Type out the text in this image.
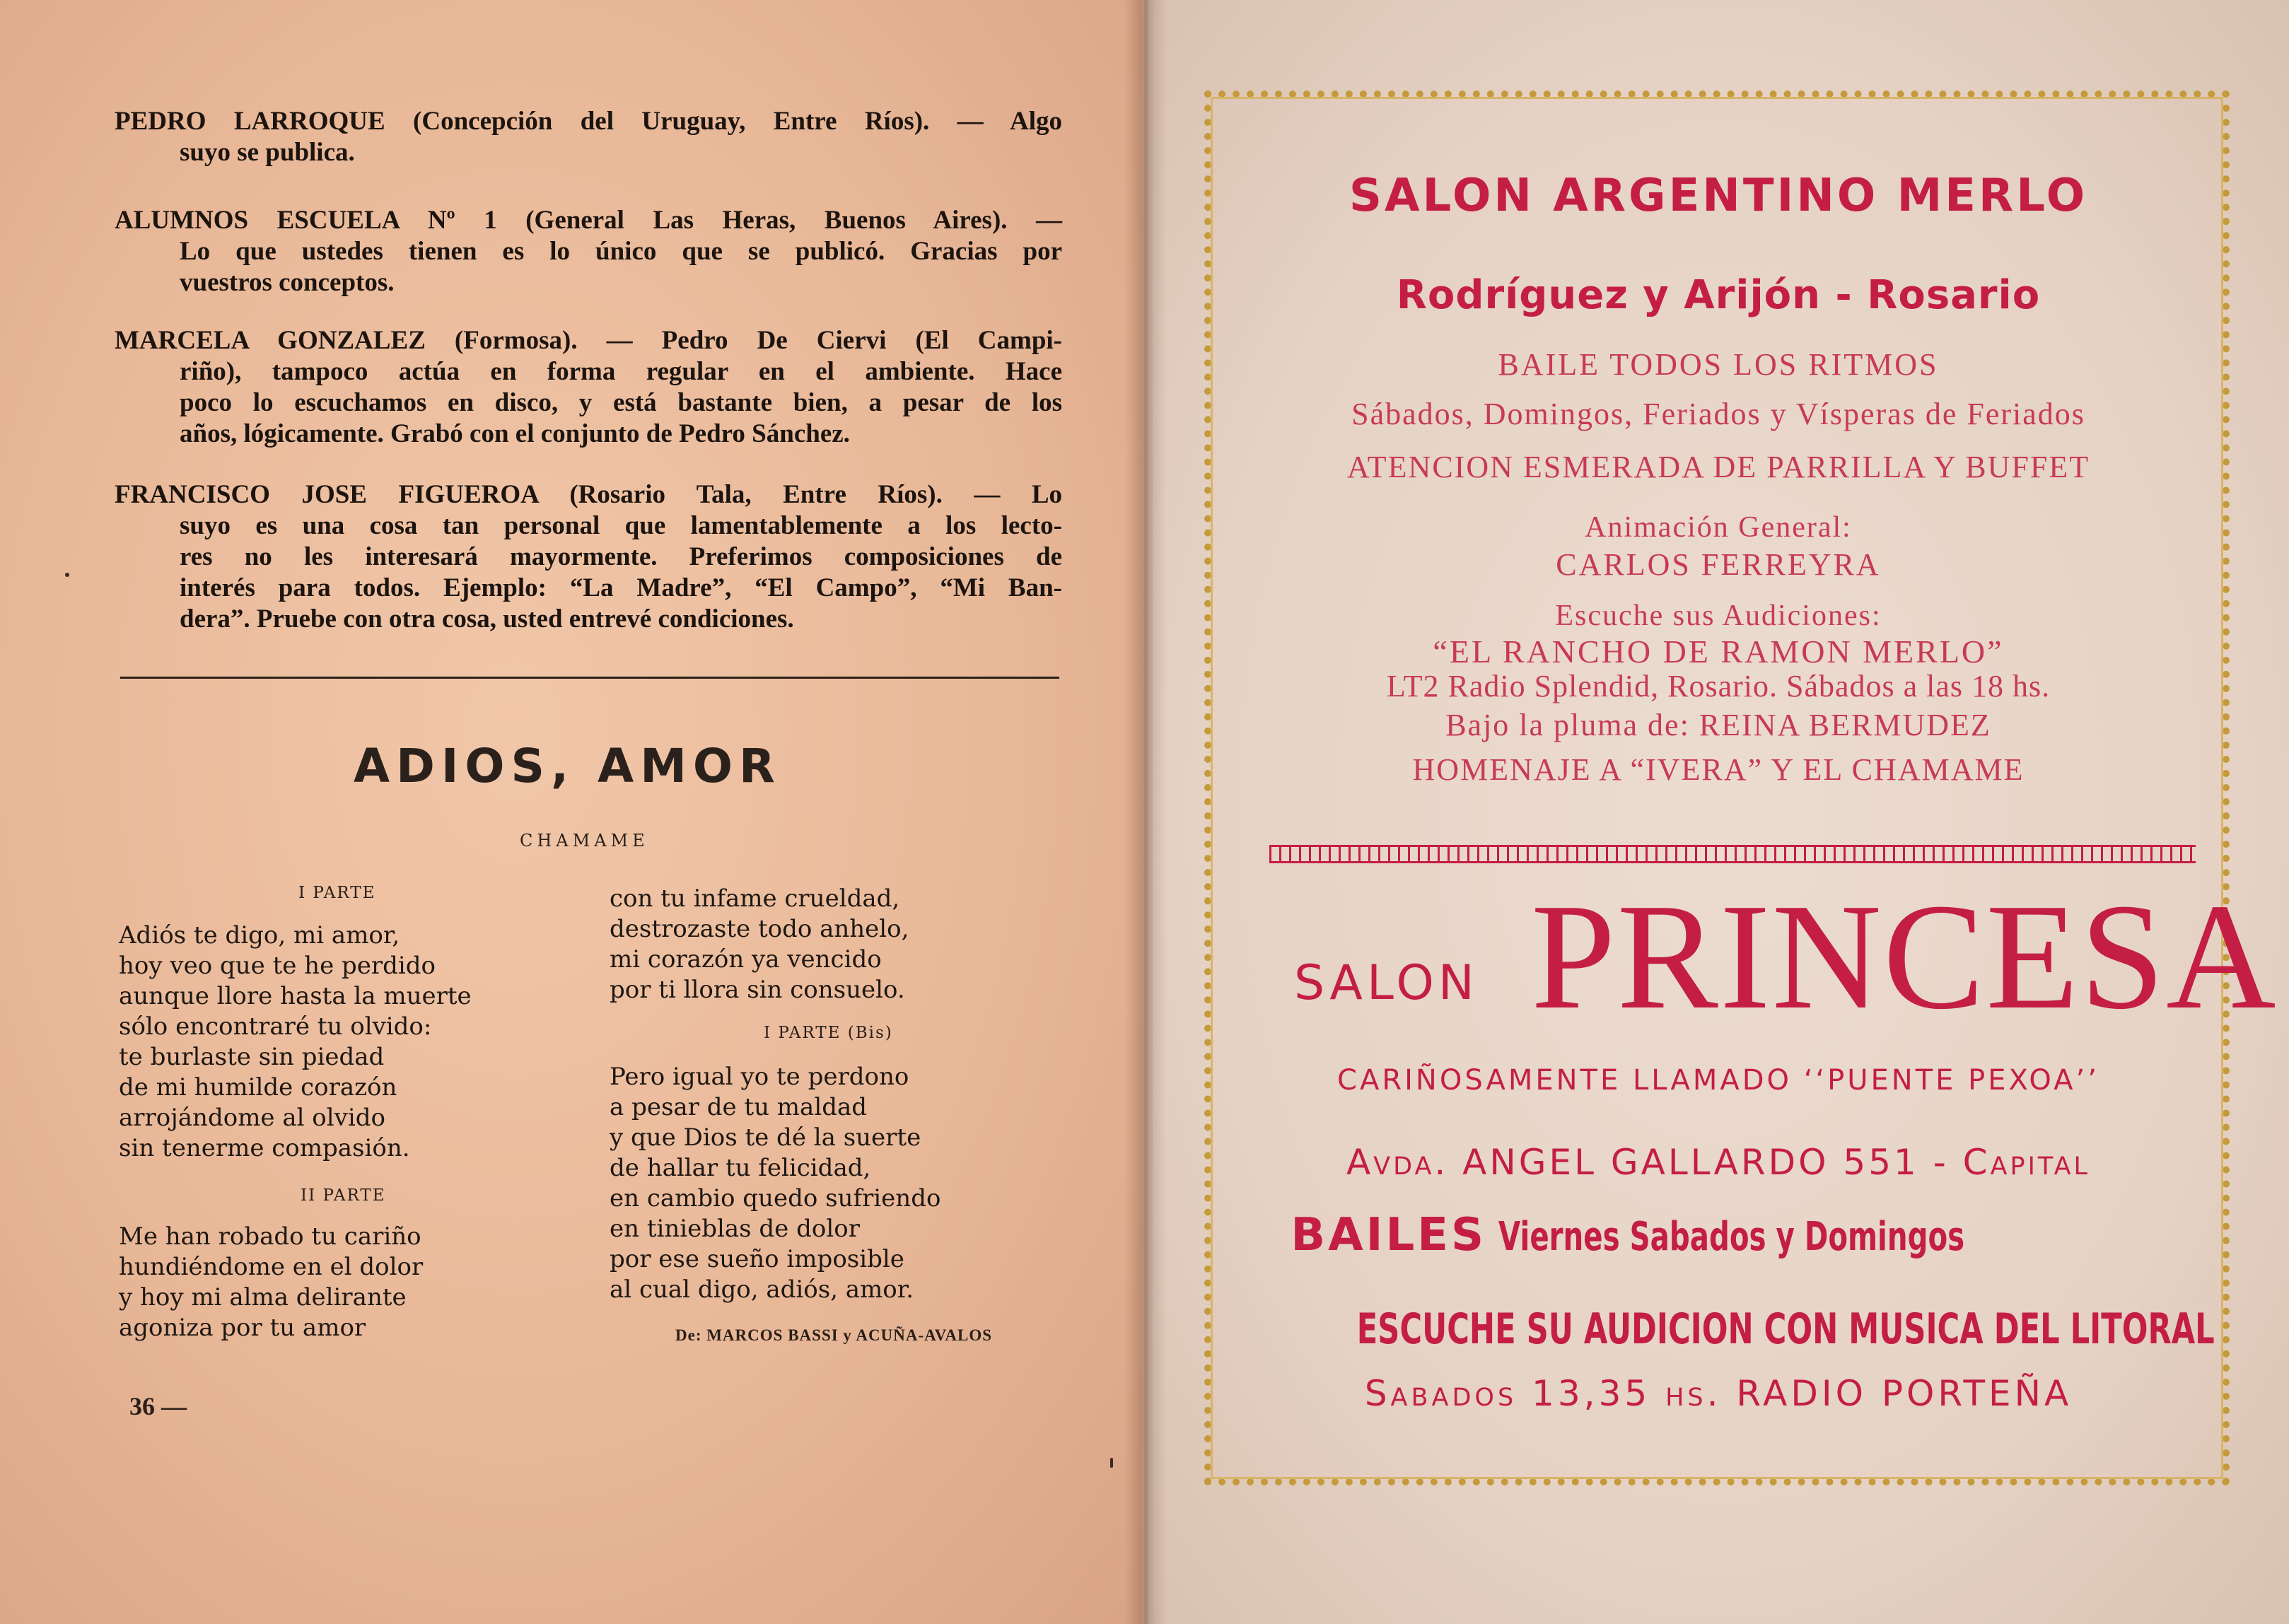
PEDRO LARROQUE (Concepción del Uruguay, Entre Ríos). — Algo

suyo se publica.

ALUMNOS ESCUELA Nº 1 (General Las Heras, Buenos Aires). —

Lo que ustedes tienen es lo único que se publicó. Gracias por

vuestros conceptos.

MARCELA GONZALEZ (Formosa). — Pedro De Ciervi (El Campi-

riño), tampoco actúa en forma regular en el ambiente. Hace

poco lo escuchamos en disco, y está bastante bien, a pesar de los

años, lógicamente. Grabó con el conjunto de Pedro Sánchez.

FRANCISCO JOSE FIGUEROA (Rosario Tala, Entre Ríos). — Lo

suyo es una cosa tan personal que lamentablemente a los lecto-

res no les interesará mayormente. Preferimos composiciones de

interés para todos. Ejemplo: “La Madre”, “El Campo”, “Mi Ban-

dera”. Pruebe con otra cosa, usted entrevé condiciones.

ADIOS, AMOR

CHAMAME

I PARTE

Adiós te digo, mi amor,
hoy veo que te he perdido
aunque llore hasta la muerte
sólo encontraré tu olvido:
te burlaste sin piedad
de mi humilde corazón
arrojándome al olvido
sin tenerme compasión.

II PARTE

Me han robado tu cariño
hundiéndome en el dolor
y hoy mi alma delirante
agoniza por tu amor
con tu infame crueldad,
destrozaste todo anhelo,
mi corazón ya vencido
por ti llora sin consuelo.

I PARTE (Bis)

Pero igual yo te perdono
a pesar de tu maldad
y que Dios te dé la suerte
de hallar tu felicidad,
en cambio quedo sufriendo
en tinieblas de dolor
por ese sueño imposible
al cual digo, adiós, amor.

De: MARCOS BASSI y ACUÑA-AVALOS

36 —

SALON ARGENTINO MERLO

Rodríguez y Arijón - Rosario

BAILE TODOS LOS RITMOS

Sábados, Domingos, Feriados y Vísperas de Feriados

ATENCION ESMERADA DE PARRILLA Y BUFFET

Animación General:

CARLOS FERREYRA

Escuche sus Audiciones:

“EL RANCHO DE RAMON MERLO”

LT2 Radio Splendid, Rosario. Sábados a las 18 hs.

Bajo la pluma de: REINA BERMUDEZ

HOMENAJE A “IVERA” Y EL CHAMAME

SALON PRINCESA

CARIÑOSAMENTE LLAMADO ‘‘PUENTE PEXOA’’

Avda. ANGEL GALLARDO 551 - Capital

BAILES Viernes Sabados y Domingos

ESCUCHE SU AUDICION CON MUSICA DEL LITORAL

Sabados 13,35 hs. RADIO PORTEÑA
